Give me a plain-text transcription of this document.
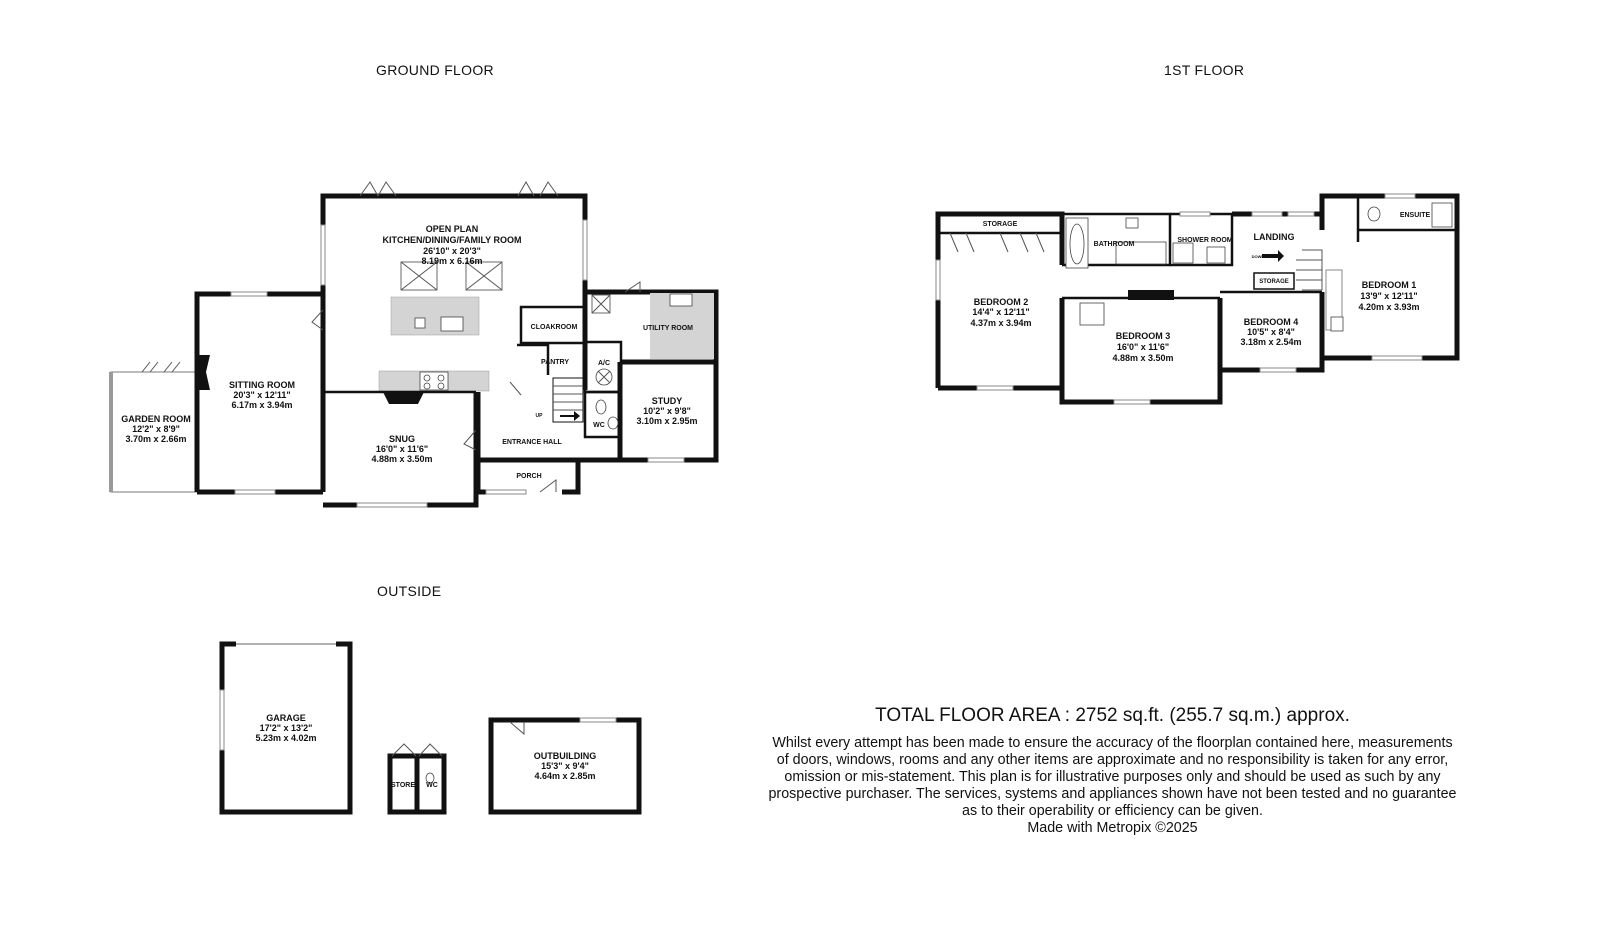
GROUND FLOOR	1ST FLOOR
OUTSIDE
OPEN PLAN
KITCHEN/DINING/FAMILY ROOM
26'10" x 20'3"
8.19m x 6.16m
SITTING ROOM
20'3" x 12'11"
6.17m x 3.94m
GARDEN ROOM
12'2" x 8'9"
3.70m x 2.66m	SNUG
16'0" x 11'6"
4.88m x 3.50m
STUDY
10'2" x 9'8"
3.10m x 2.95m
UTILITY ROOM
CLOAKROOM
PANTRY	A/C
WC
ENTRANCE HALL
PORCH
UP
BEDROOM 2
14'4" x 12'11"
4.37m x 3.94m
BEDROOM 3
16'0" x 11'6"
4.88m x 3.50m
BEDROOM 4
10'5" x 8'4"
3.18m x 2.54m
BEDROOM 1
13'9" x 12'11"
4.20m x 3.93m
STORAGE
BATHROOM
SHOWER ROOM LANDING
STORAGE
ENSUITE
DOWN
GARAGE
17'2" x 13'2"
5.23m x 4.02m
STORE WC
OUTBUILDING
15'3" x 9'4"
4.64m x 2.85m
TOTAL FLOOR AREA : 2752 sq.ft. (255.7 sq.m.) approx.
Whilst every attempt has been made to ensure the accuracy of the floorplan contained here, measurements
of doors, windows, rooms and any other items are approximate and no responsibility is taken for any error,
omission or mis-statement. This plan is for illustrative purposes only and should be used as such by any
prospective purchaser. The services, systems and appliances shown have not been tested and no guarantee
as to their operability or efficiency can be given.
Made with Metropix ©2025
